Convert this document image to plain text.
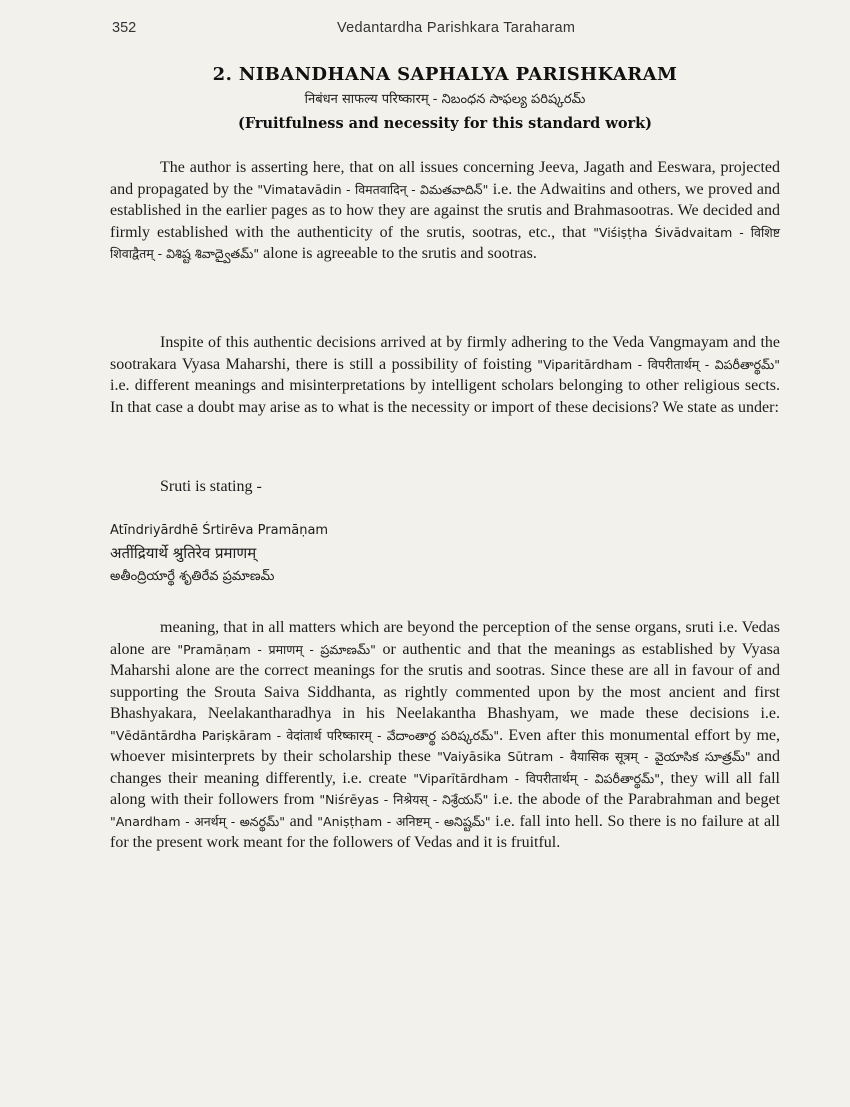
352	Vedantardha Parishkara Taraharam
2. NIBANDHANA SAPHALYA PARISHKARAM
निबंधन साफल्य परिष्कारम् - నిబంధన సాఫల్య పరిష్కరమ్
(Fruitfulness and necessity for this standard work)

The author is asserting here, that on all issues concerning Jeeva, Jagath and Eeswara, projected and propagated by the "Vimatavādin - विमतवादिन् - విమతవాదిన్" i.e. the Adwaitins and others, we proved and established in the earlier pages as to how they are against the srutis and Brahmasootras. We decided and firmly established with the authenticity of the srutis, sootras, etc., that "Viśiṣṭha Śivādvaitam - विशिष्ट शिवाद्वैतम् - విశిష్ట శివాద్వైతమ్" alone is agreeable to the srutis and sootras.

Inspite of this authentic decisions arrived at by firmly adhering to the Veda Vangmayam and the sootrakara Vyasa Maharshi, there is still a possibility of foisting "Viparitārdham - विपरीतार्थम् - విపరీతార్థమ్" i.e. different meanings and misinterpretations by intelligent scholars belonging to other religious sects. In that case a doubt may arise as to what is the necessity or import of these decisions? We state as under:

Sruti is stating -

Atīndriyārdhē Śrtirēva Pramāṇam
अतींद्रियार्थे श्रुतिरेव प्रमाणम्
అతీంద్రియార్థే శృతిరేవ ప్రమాణమ్

meaning, that in all matters which are beyond the perception of the sense organs, sruti i.e. Vedas alone are "Pramāṇam - प्रमाणम् - ప్రమాణమ్" or authentic and that the meanings as established by Vyasa Maharshi alone are the correct meanings for the srutis and sootras. Since these are all in favour of and supporting the Srouta Saiva Siddhanta, as rightly commented upon by the most ancient and first Bhashyakara, Neelakantharadhya in his Neelakantha Bhashyam, we made these decisions i.e. "Vēdāntārdha Pariṣkāram - वेदांतार्थ परिष्कारम् - వేదాంతార్థ పరిష్కరమ్". Even after this monumental effort by me, whoever misinterprets by their scholarship these "Vaiyāsika Sūtram - वैयासिक सूत्रम् - వైయాసిక సూత్రమ్" and changes their meaning differently, i.e. create "Viparītārdham - विपरीतार्थम् - విపరీతార్థమ్", they will all fall along with their followers from "Niśrēyas - निश्रेयस् - నిశ్రేయస్" i.e. the abode of the Parabrahman and beget "Anardham - अनर्थम् - అనర్థమ్" and "Aniṣṭham - अनिष्टम् - అనిష్టమ్" i.e. fall into hell. So there is no failure at all for the present work meant for the followers of Vedas and it is fruitful.
